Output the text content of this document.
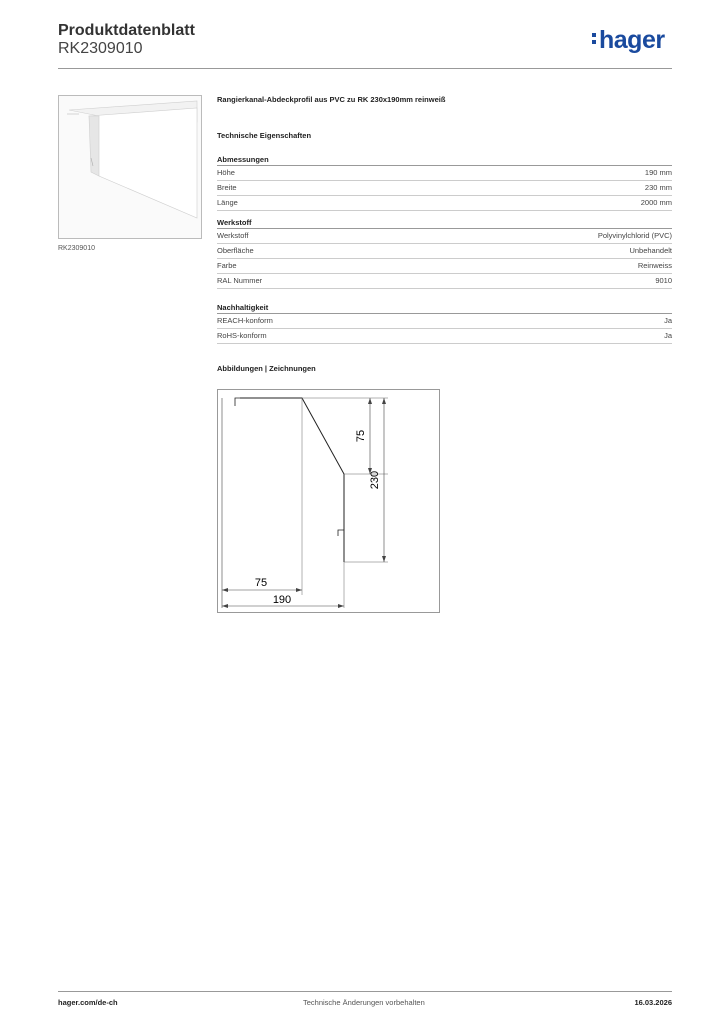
Produktdatenblatt
RK2309010	hager
RK2309010
Rangierkanal-Abdeckprofil aus PVC zu RK 230x190mm reinweiß
Technische Eigenschaften
Abmessungen
Höhe	190 mm
Breite	230 mm
Länge	2000 mm
Werkstoff
Werkstoff	Polyvinylchlorid (PVC)
Oberfläche	Unbehandelt
Farbe	Reinweiss
RAL Nummer	9010
Nachhaltigkeit
REACH-konform	Ja
RoHS-konform	Ja
Abbildungen | Zeichnungen
75
230
75
190
hager.com/de-ch	Technische Änderungen vorbehalten	16.03.2026
